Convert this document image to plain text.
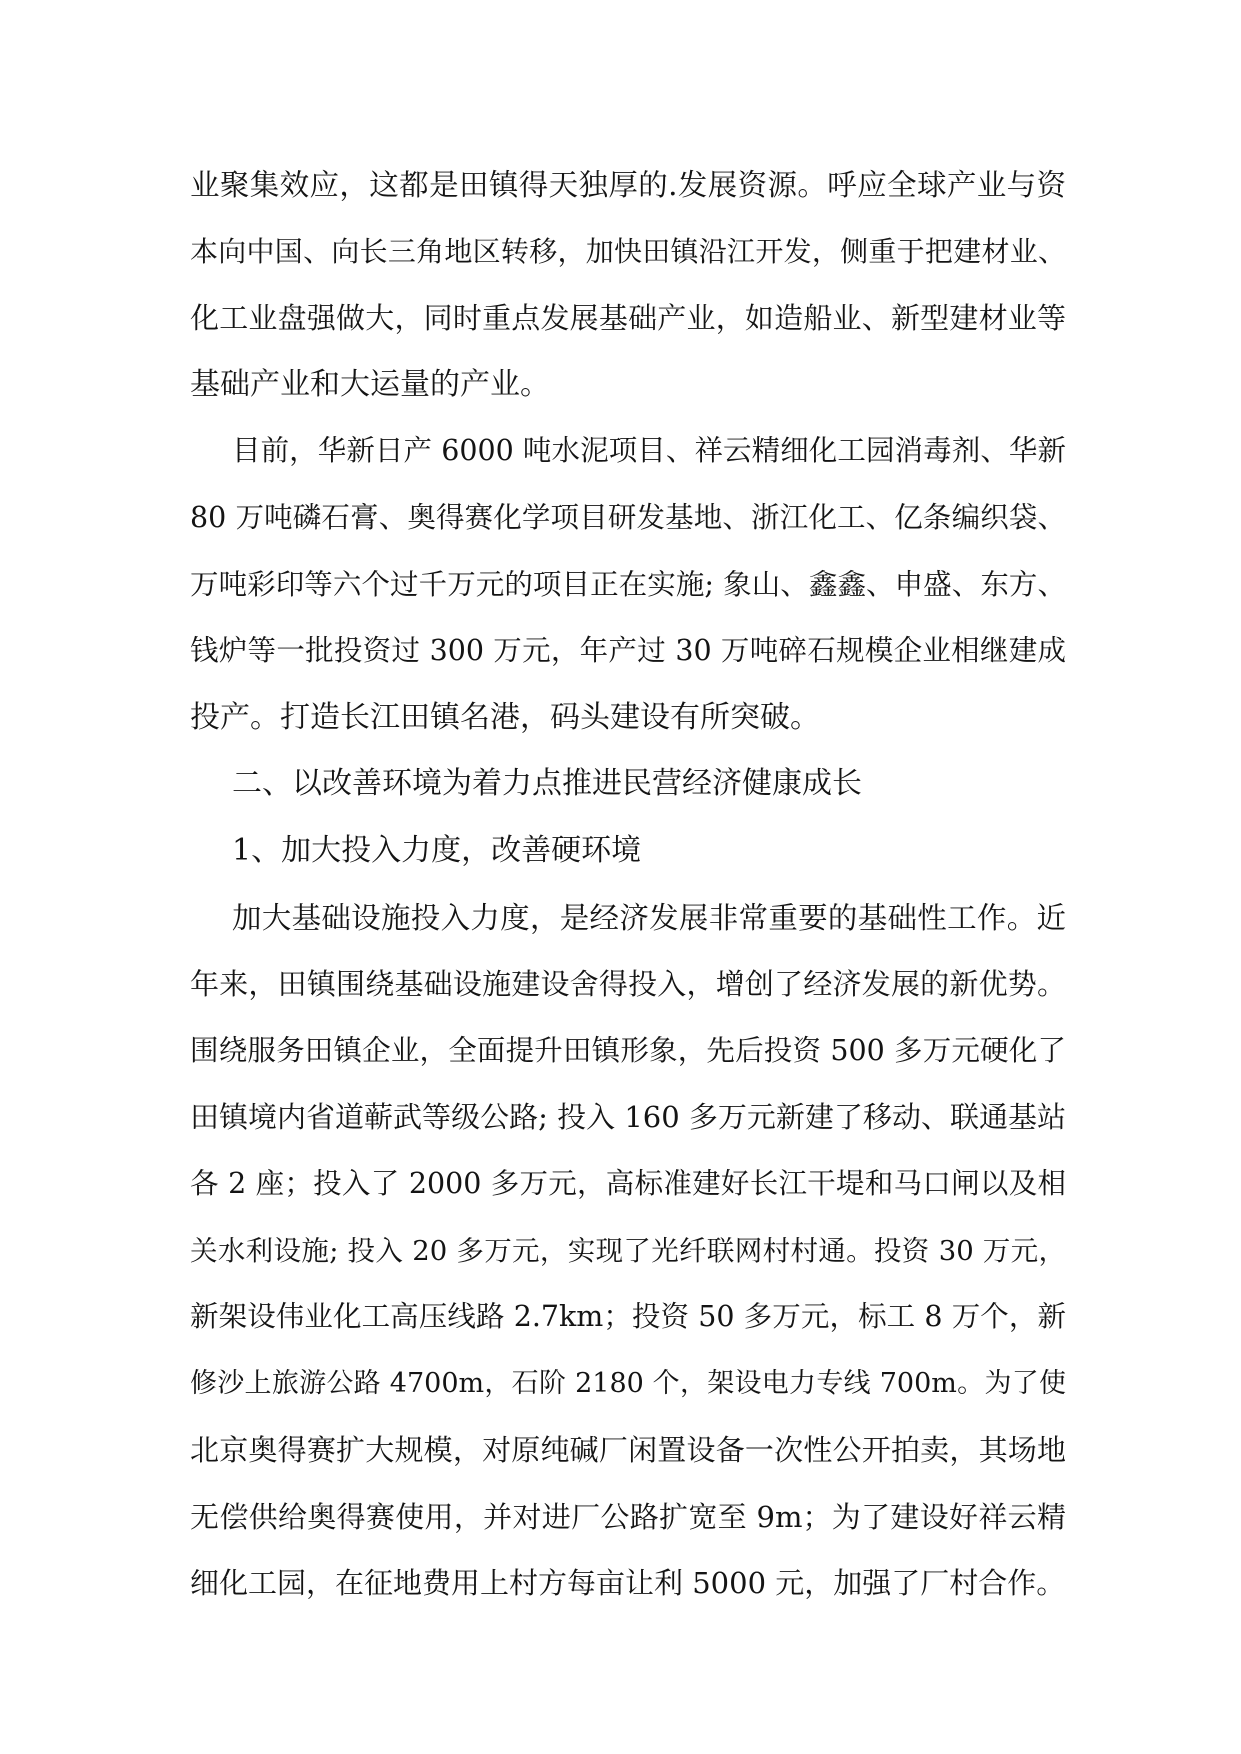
业聚集效应，这都是田镇得天独厚的.发展资源。呼应全球产业与资
本向中国、向长三角地区转移，加快田镇沿江开发，侧重于把建材业、
化工业盘强做大，同时重点发展基础产业，如造船业、新型建材业等
基础产业和大运量的产业。
目前，华新日产 6000 吨水泥项目、祥云精细化工园消毒剂、华新
80 万吨磷石膏、奥得赛化学项目研发基地、浙江化工、亿条编织袋、
万吨彩印等六个过千万元的项目正在实施; 象山、鑫鑫、申盛、东方、
钱炉等一批投资过 300 万元，年产过 30 万吨碎石规模企业相继建成
投产。打造长江田镇名港，码头建设有所突破。
二、以改善环境为着力点推进民营经济健康成长
1、加大投入力度，改善硬环境
加大基础设施投入力度，是经济发展非常重要的基础性工作。近
年来，田镇围绕基础设施建设舍得投入，增创了经济发展的新优势。
围绕服务田镇企业，全面提升田镇形象，先后投资 500 多万元硬化了
田镇境内省道蕲武等级公路; 投入 160 多万元新建了移动、联通基站
各 2 座；投入了 2000 多万元，高标准建好长江干堤和马口闸以及相
关水利设施; 投入 20 多万元，实现了光纤联网村村通。投资 30 万元，
新架设伟业化工高压线路 2.7km；投资 50 多万元，标工 8 万个，新
修沙上旅游公路 4700m，石阶 2180 个，架设电力专线 700m。为了使
北京奥得赛扩大规模，对原纯碱厂闲置设备一次性公开拍卖，其场地
无偿供给奥得赛使用，并对进厂公路扩宽至 9m；为了建设好祥云精
细化工园，在征地费用上村方每亩让利 5000 元，加强了厂村合作。
